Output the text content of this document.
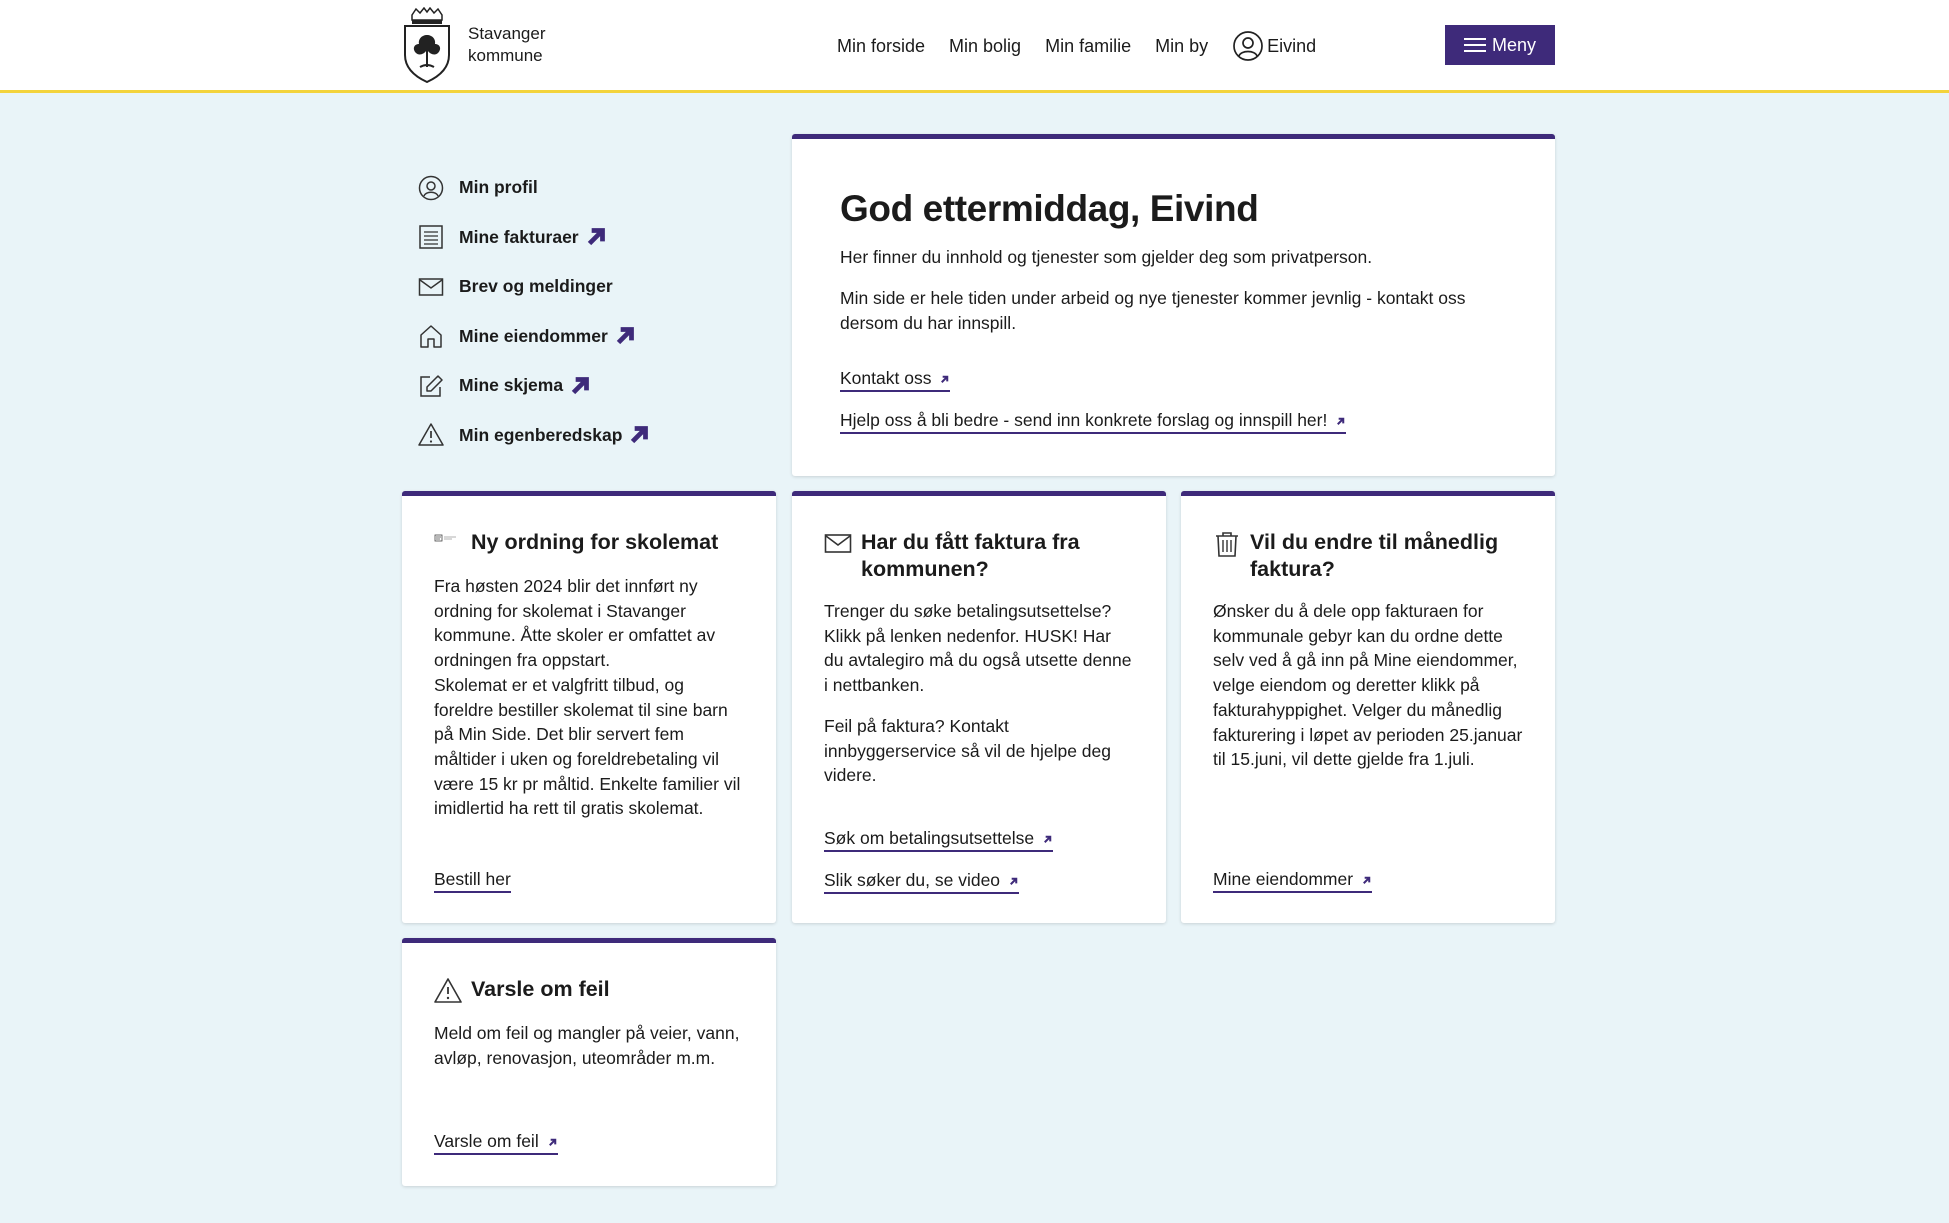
Stavanger
kommune	Min forside Min bolig Min familie Min by	Eivind	Meny
Min profil
Mine fakturaer
Brev og meldinger
Mine eiendommer
Mine skjema
Min egenberedskap
God ettermiddag, Eivind

Her finner du innhold og tjenester som gjelder deg som privatperson.

Min side er hele tiden under arbeid og nye tjenester kommer jevnlig - kontakt oss dersom du har innspill.

Kontakt oss
Hjelp oss å bli bedre - send inn konkrete forslag og innspill her!
Ny ordning for skolemat

Fra høsten 2024 blir det innført ny ordning for skolemat i Stavanger kommune. Åtte skoler er omfattet av ordningen fra oppstart.

Skolemat er et valgfritt tilbud, og foreldre bestiller skolemat til sine barn på Min Side. Det blir servert fem måltider i uken og foreldrebetaling vil være 15 kr pr måltid. Enkelte familier vil imidlertid ha rett til gratis skolemat.

Bestill her
Har du fått faktura fra kommunen?

Trenger du søke betalingsutsettelse? Klikk på lenken nedenfor. HUSK! Har du avtalegiro må du også utsette denne i nettbanken.

Feil på faktura? Kontakt innbyggerservice så vil de hjelpe deg videre.

Søk om betalingsutsettelse
Slik søker du, se video
Vil du endre til månedlig faktura?

Ønsker du å dele opp fakturaen for kommunale gebyr kan du ordne dette selv ved å gå inn på Mine eiendommer, velge eiendom og deretter klikk på fakturahyppighet. Velger du månedlig fakturering i løpet av perioden 25.januar til 15.juni, vil dette gjelde fra 1.juli.

Mine eiendommer
Varsle om feil

Meld om feil og mangler på veier, vann, avløp, renovasjon, uteområder m.m.

Varsle om feil
